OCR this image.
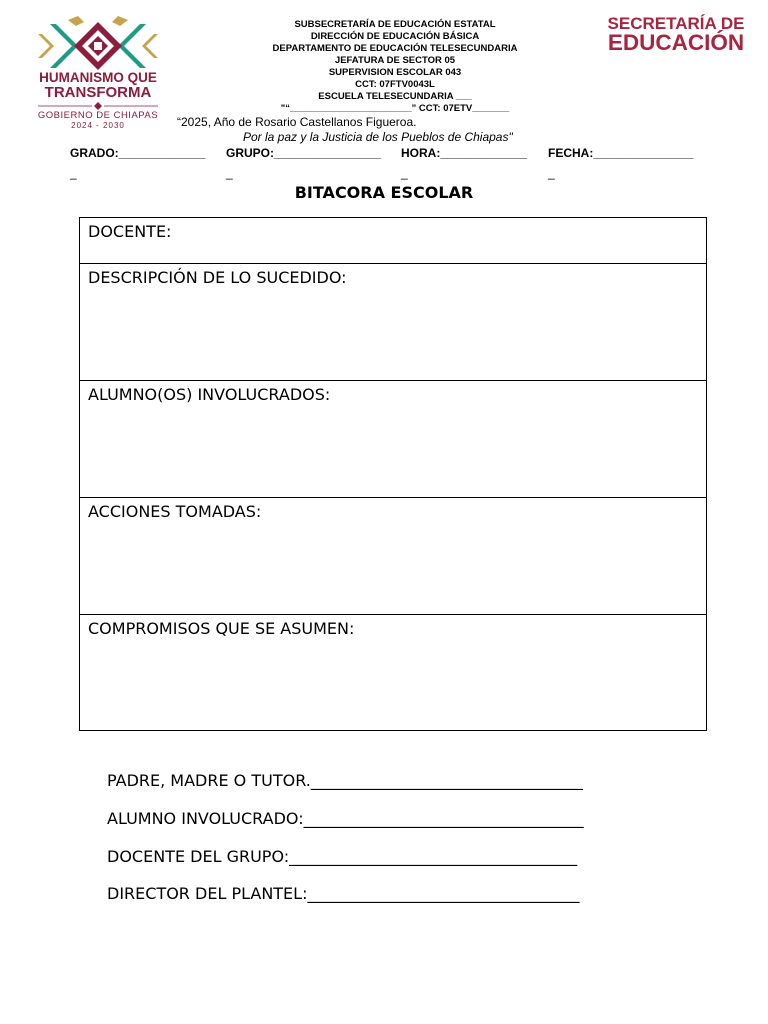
HUMANISMO QUE
TRANSFORMA
GOBIERNO DE CHIAPAS
2024 - 2030
SECRETARÍA DE
EDUCACIÓN
SUBSECRETARÍA DE EDUCACIÓN ESTATAL
DIRECCIÓN DE EDUCACIÓN BÁSICA
DEPARTAMENTO DE EDUCACIÓN TELESECUNDARIA
JEFATURA DE SECTOR 05
SUPERVISION ESCOLAR 043
CCT: 07FTV0043L
ESCUELA TELESECUNDARIA ___
"“_______________________” CCT: 07ETV_______
“2025, Año de Rosario Castellanos Figueroa.
Por la paz y la Justicia de los Pueblos de Chiapas"
GRADO:_____________ GRUPO:________________ HORA:_____________ FECHA:_______________
_	_	_	_
BITACORA ESCOLAR
DOCENTE:
DESCRIPCIÓN DE LO SUCEDIDO:
ALUMNO(OS) INVOLUCRADOS:
ACCIONES TOMADAS:
COMPROMISOS QUE SE ASUMEN:
PADRE, MADRE O TUTOR.__________________________________
ALUMNO INVOLUCRADO:___________________________________
DOCENTE DEL GRUPO:____________________________________
DIRECTOR DEL PLANTEL:__________________________________
